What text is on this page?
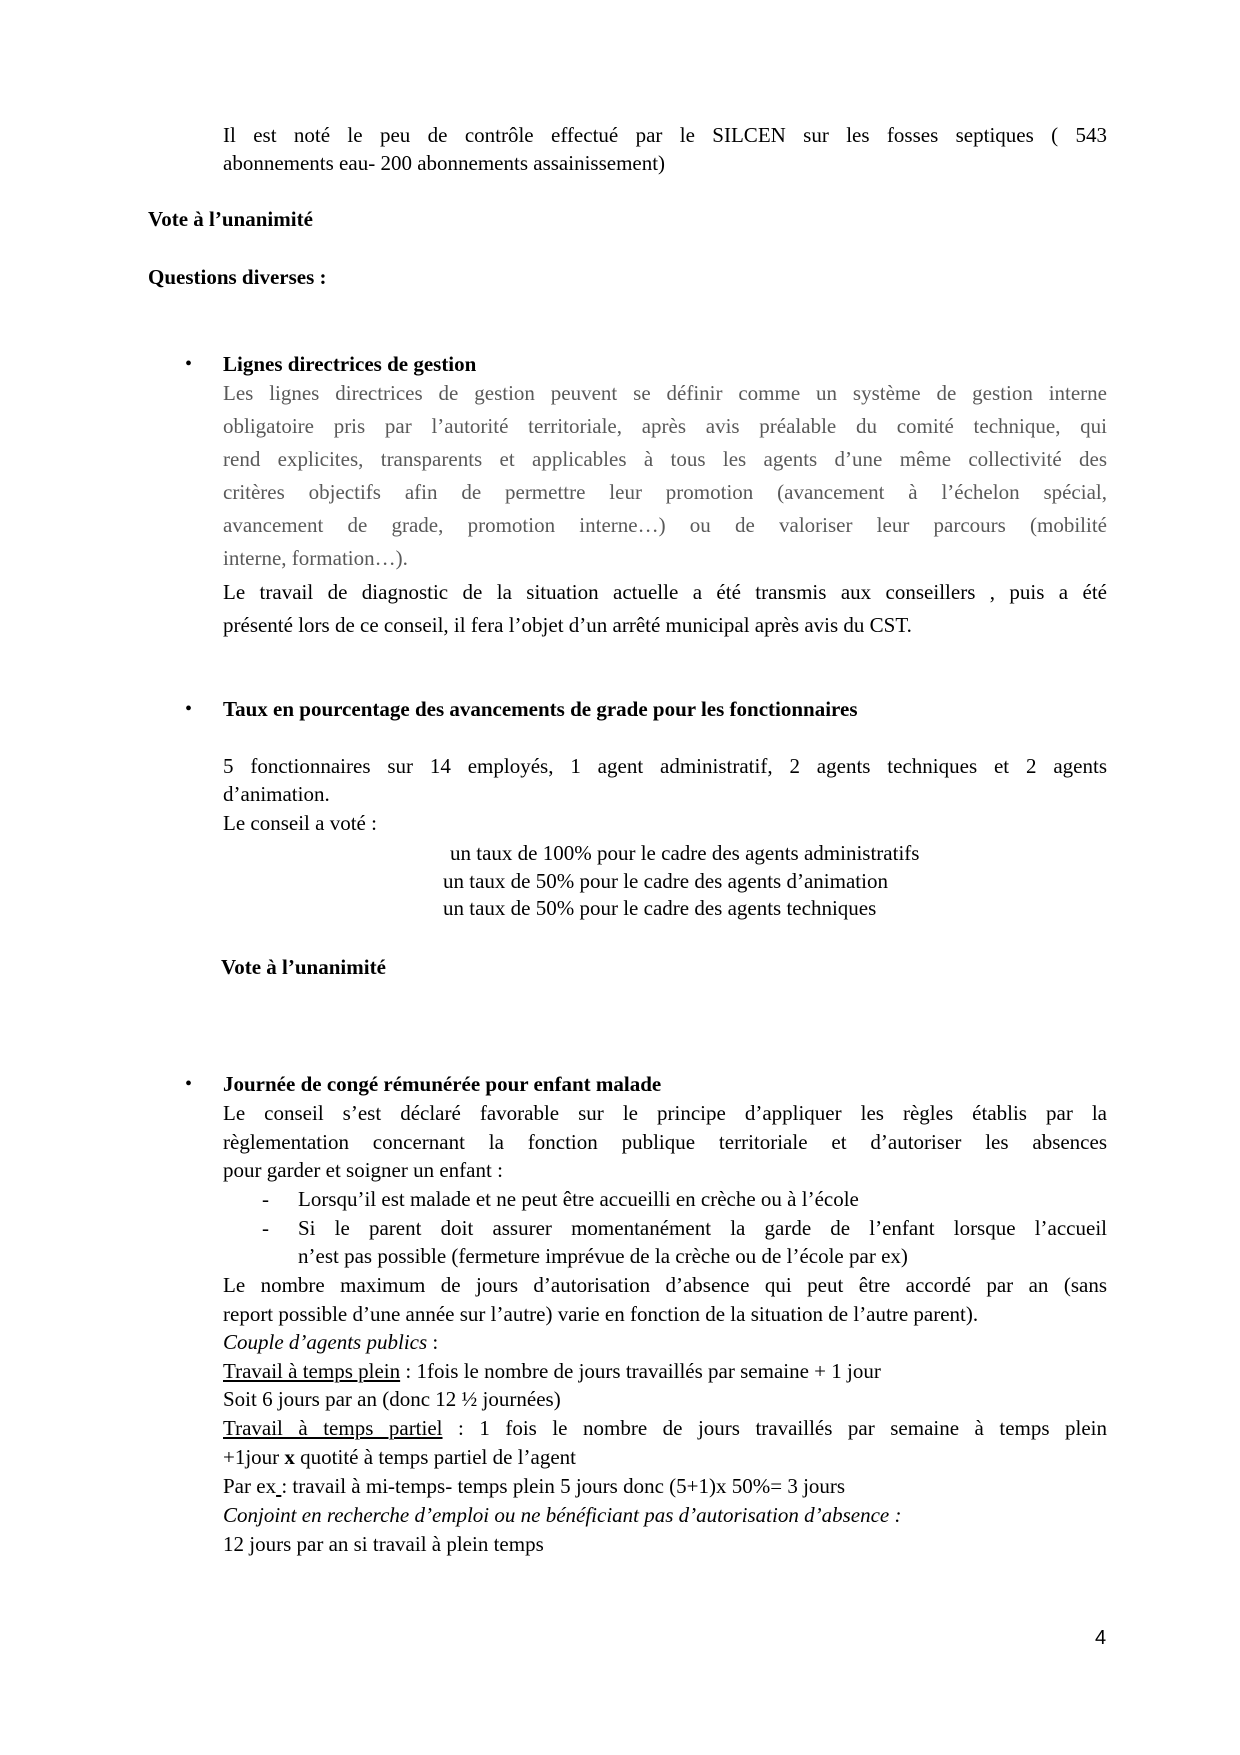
Il est noté le peu de contrôle effectué par le SILCEN sur les fosses septiques ( 543
abonnements eau- 200 abonnements assainissement)
Vote à l’unanimité
Questions diverses :
• Lignes directrices de gestion
Les lignes directrices de gestion peuvent se définir comme un système de gestion interne
obligatoire pris par l’autorité territoriale, après avis préalable du comité technique, qui
rend explicites, transparents et applicables à tous les agents d’une même collectivité des
critères objectifs afin de permettre leur promotion (avancement à l’échelon spécial,
avancement de grade, promotion interne…) ou de valoriser leur parcours (mobilité
interne, formation…).
Le travail de diagnostic de la situation actuelle a été transmis aux conseillers , puis a été
présenté lors de ce conseil, il fera l’objet d’un arrêté municipal après avis du CST.
• Taux en pourcentage des avancements de grade pour les fonctionnaires
5 fonctionnaires sur 14 employés, 1 agent administratif, 2 agents techniques et 2 agents
d’animation.
Le conseil a voté :
un taux de 100% pour le cadre des agents administratifs
un taux de 50% pour le cadre des agents d’animation
un taux de 50% pour le cadre des agents techniques
Vote à l’unanimité
• Journée de congé rémunérée pour enfant malade
Le conseil s’est déclaré favorable sur le principe d’appliquer les règles établis par la
règlementation concernant la fonction publique territoriale et d’autoriser les absences
pour garder et soigner un enfant :
- Lorsqu’il est malade et ne peut être accueilli en crèche ou à l’école
- Si le parent doit assurer momentanément la garde de l’enfant lorsque l’accueil
n’est pas possible (fermeture imprévue de la crèche ou de l’école par ex)
Le nombre maximum de jours d’autorisation d’absence qui peut être accordé par an (sans
report possible d’une année sur l’autre) varie en fonction de la situation de l’autre parent).
Couple d’agents publics :
Travail à temps plein : 1fois le nombre de jours travaillés par semaine + 1 jour
Soit 6 jours par an (donc 12 ½ journées)
Travail à temps partiel : 1 fois le nombre de jours travaillés par semaine à temps plein
+1jour x quotité à temps partiel de l’agent
Par ex : travail à mi-temps- temps plein 5 jours donc (5+1)x 50%= 3 jours
Conjoint en recherche d’emploi ou ne bénéficiant pas d’autorisation d’absence :
12 jours par an si travail à plein temps
4
